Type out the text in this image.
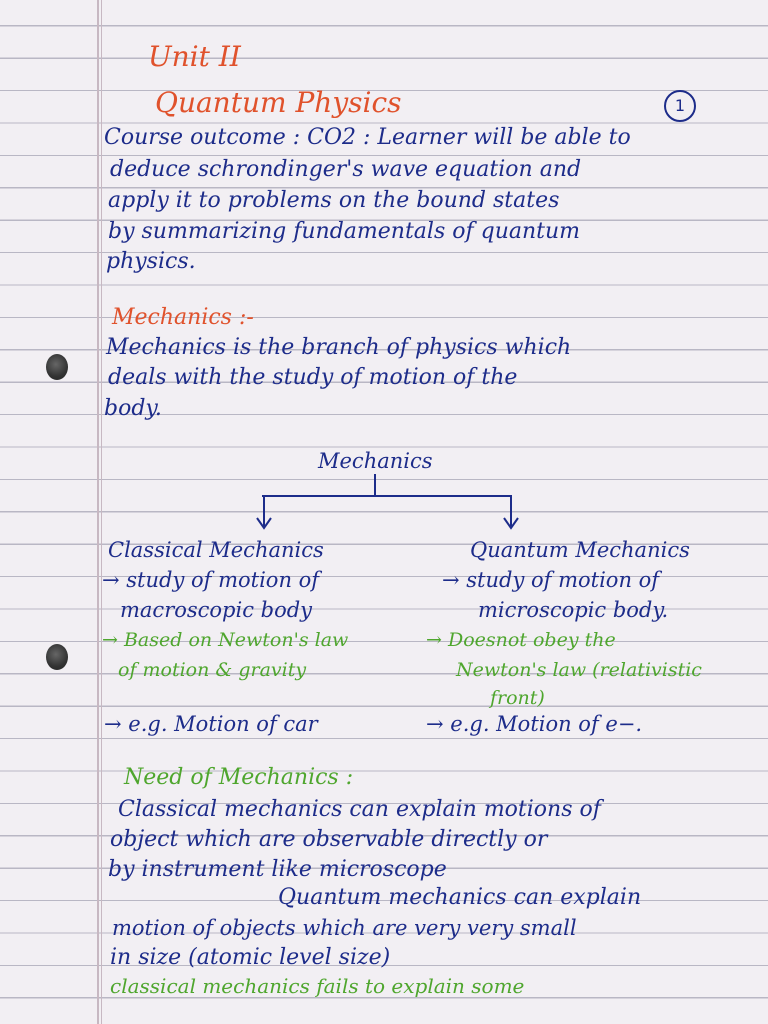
Unit II
Quantum Physics	1
Course outcome : CO2 : Learner will be able to
deduce schrondinger's wave equation and
apply it to problems on the bound states
by summarizing fundamentals of quantum
physics.
Mechanics :-
Mechanics is the branch of physics which
deals with the study of motion of the
body.
Mechanics
Classical Mechanics
→ study of motion of
macroscopic body
→ Based on Newton's law
of motion & gravity
→ e.g. Motion of car
Quantum Mechanics
→ study of motion of
microscopic body.
→ Doesnot obey the
Newton's law (relativistic
front)
→ e.g. Motion of e−.
Need of Mechanics :
Classical mechanics can explain motions of
object which are observable directly or
by instrument like microscope
Quantum mechanics can explain
motion of objects which are very very small
in size (atomic level size)
classical mechanics fails to explain some
